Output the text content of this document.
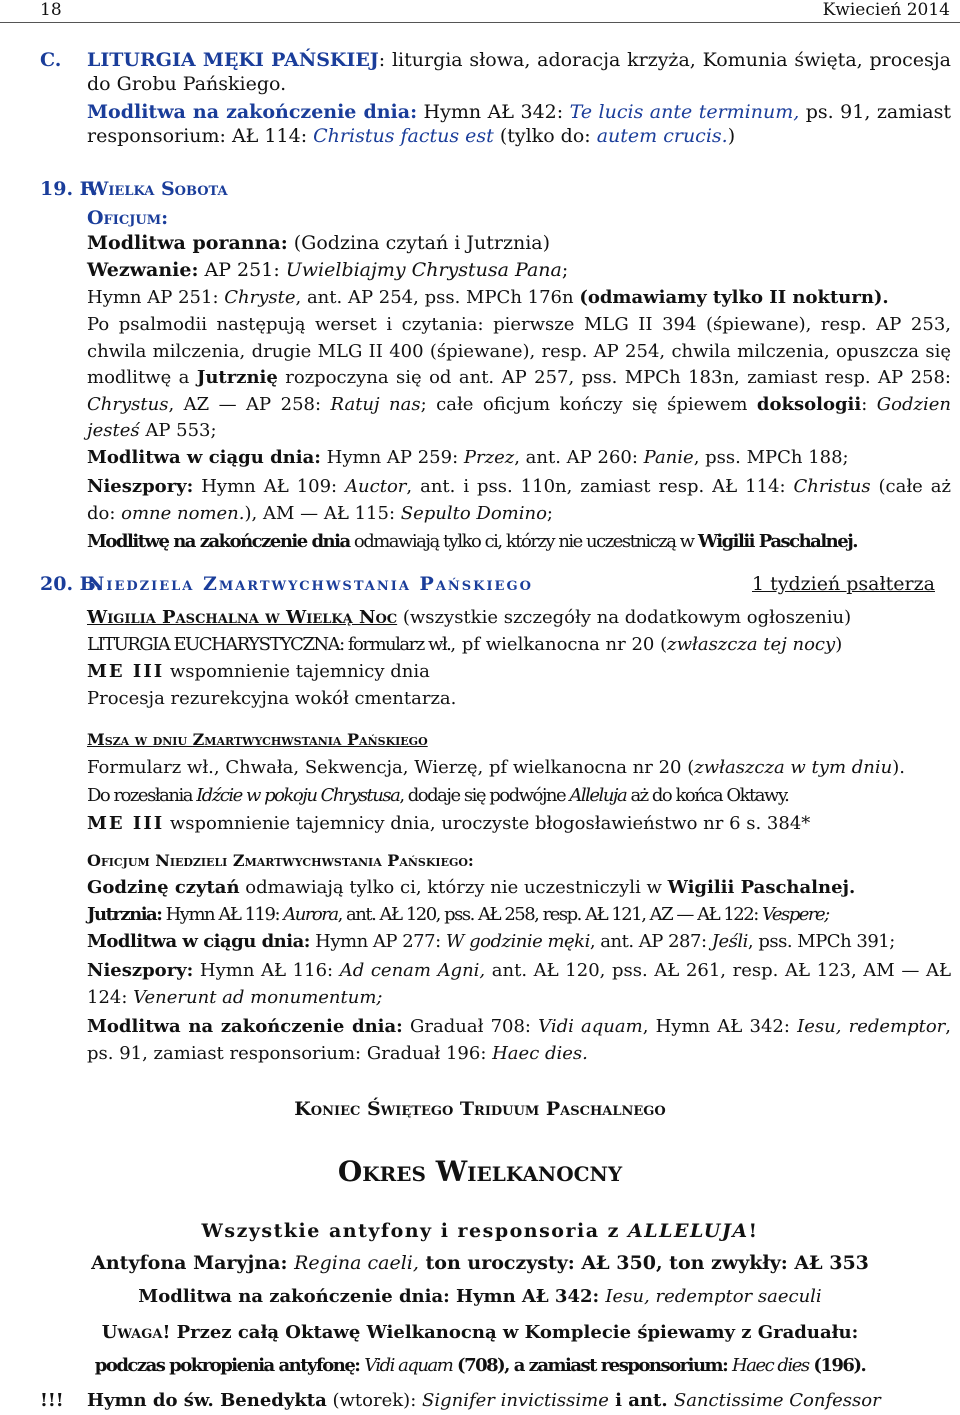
18	Kwiecień 2014
C. LITURGIA MĘKI PAŃSKIEJ: liturgia słowa, adoracja krzyża, Komunia święta, procesja do Grobu Pańskiego.
Modlitwa na zakończenie dnia: Hymn AŁ 342: Te lucis ante terminum, ps. 91, zamiast responsorium: AŁ 114: Christus factus est (tylko do: autem crucis.)
19. F.
Wielka Sobota
Oficjum:
Modlitwa poranna: (Godzina czytań i Jutrznia)
Wezwanie: AP 251: Uwielbiajmy Chrystusa Pana;
Hymn AP 251: Chryste, ant. AP 254, pss. MPCh 176n (odmawiamy tylko II nokturn).
Po psalmodii następują werset i czytania: pierwsze MLG II 394 (śpiewane), resp. AP 253, chwila milczenia, drugie MLG II 400 (śpiewane), resp. AP 254, chwila milczenia, opuszcza się modlitwę a Jutrznię rozpoczyna się od ant. AP 257, pss. MPCh 183n, zamiast resp. AP 258: Chrystus, AZ — AP 258: Ratuj nas; całe oficjum kończy się śpiewem doksologii: Godzien jesteś AP 553;
Modlitwa w ciągu dnia: Hymn AP 259: Przez, ant. AP 260: Panie, pss. MPCh 188;
Nieszpory: Hymn AŁ 109: Auctor, ant. i pss. 110n, zamiast resp. AŁ 114: Christus (całe aż do: omne nomen.), AM — AŁ 115: Sepulto Domino;
Modlitwę na zakończenie dnia odmawiają tylko ci, którzy nie uczestniczą w Wigilii Paschalnej.
20. B.
Niedziela Zmartwychwstania Pańskiego	1 tydzień psałterza
Wigilia Paschalna w Wielką Noc (wszystkie szczegóły na dodatkowym ogłoszeniu)
LITURGIA EUCHARYSTYCZNA: formularz wł., pf wielkanocna nr 20 (zwłaszcza tej nocy)
ME III wspomnienie tajemnicy dnia
Procesja rezurekcyjna wokół cmentarza.
Msza w dniu Zmartwychwstania Pańskiego
Formularz wł., Chwała, Sekwencja, Wierzę, pf wielkanocna nr 20 (zwłaszcza w tym dniu).
Do rozesłania Idźcie w pokoju Chrystusa, dodaje się podwójne Alleluja aż do końca Oktawy.
ME III wspomnienie tajemnicy dnia, uroczyste błogosławieństwo nr 6 s. 384*
Oficjum Niedzieli Zmartwychwstania Pańskiego:
Godzinę czytań odmawiają tylko ci, którzy nie uczestniczyli w Wigilii Paschalnej.
Jutrznia: Hymn AŁ 119: Aurora, ant. AŁ 120, pss. AŁ 258, resp. AŁ 121, AZ — AŁ 122: Vespere;
Modlitwa w ciągu dnia: Hymn AP 277: W godzinie męki, ant. AP 287: Jeśli, pss. MPCh 391;
Nieszpory: Hymn AŁ 116: Ad cenam Agni, ant. AŁ 120, pss. AŁ 261, resp. AŁ 123, AM — AŁ 124: Venerunt ad monumentum;
Modlitwa na zakończenie dnia: Graduał 708: Vidi aquam, Hymn AŁ 342: Iesu, redemptor, ps. 91, zamiast responsorium: Graduał 196: Haec dies.
Koniec Świętego Triduum Paschalnego
Okres Wielkanocny
Wszystkie antyfony i responsoria z ALLELUJA!
Antyfona Maryjna: Regina caeli, ton uroczysty: AŁ 350, ton zwykły: AŁ 353
Modlitwa na zakończenie dnia: Hymn AŁ 342: Iesu, redemptor saeculi
Uwaga! Przez całą Oktawę Wielkanocną w Komplecie śpiewamy z Graduału:
podczas pokropienia antyfonę: Vidi aquam (708), a zamiast responsorium: Haec dies (196).
!!! Hymn do św. Benedykta (wtorek): Signifer invictissime i ant. Sanctissime Confessor
